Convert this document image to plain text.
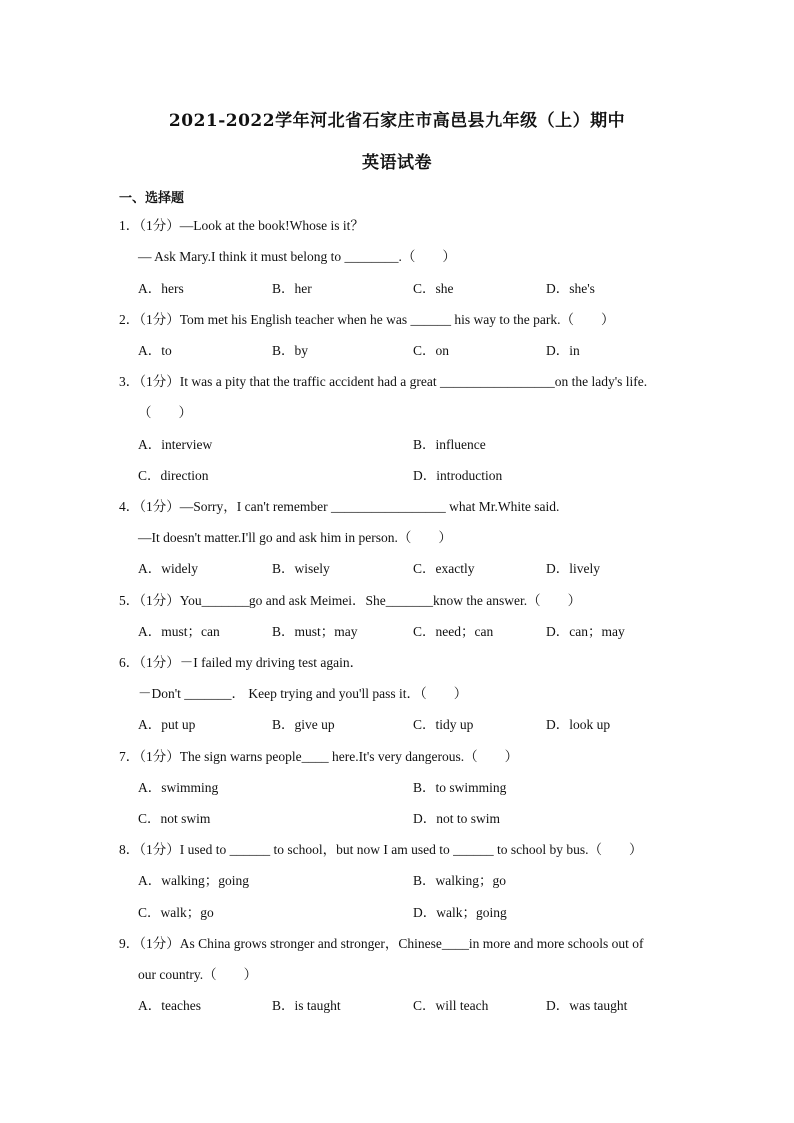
2021-2022学年河北省石家庄市高邑县九年级（上）期中
英语试卷
一、选择题
1．（1分）—Look at the book!Whose is it？
— Ask Mary.I think it must belong to ________.（　　）
A．hers	B．her	C．she	D．she's
2．（1分）Tom met his English teacher when he was ______ his way to the park.（　　）
A．to	B．by	C．on	D．in
3．（1分）It was a pity that the traffic accident had a great _________________on the lady's life.
（　　）
A．interview	B．influence
C．direction	D．introduction
4．（1分）—Sorry，I can't remember _________________ what Mr.White said.
—It doesn't matter.I'll go and ask him in person.（　　）
A．widely	B．wisely	C．exactly	D．lively
5．（1分）You_______go and ask Meimei．She_______know the answer.（　　）
A．must；can	B．must；may	C．need；can	D．can；may
6．（1分）－I failed my driving test again．
－Don't _______． Keep trying and you'll pass it．（　　）
A．put up	B．give up	C．tidy up	D．look up
7．（1分）The sign warns people____ here.It's very dangerous.（　　）
A．swimming	B．to swimming
C．not swim	D．not to swim
8．（1分）I used to ______ to school，but now I am used to ______ to school by bus.（　　）
A．walking；going	B．walking；go
C．walk；go	D．walk；going
9．（1分）As China grows stronger and stronger，Chinese____in more and more schools out of
our country.（　　）
A．teaches	B．is taught	C．will teach	D．was taught
